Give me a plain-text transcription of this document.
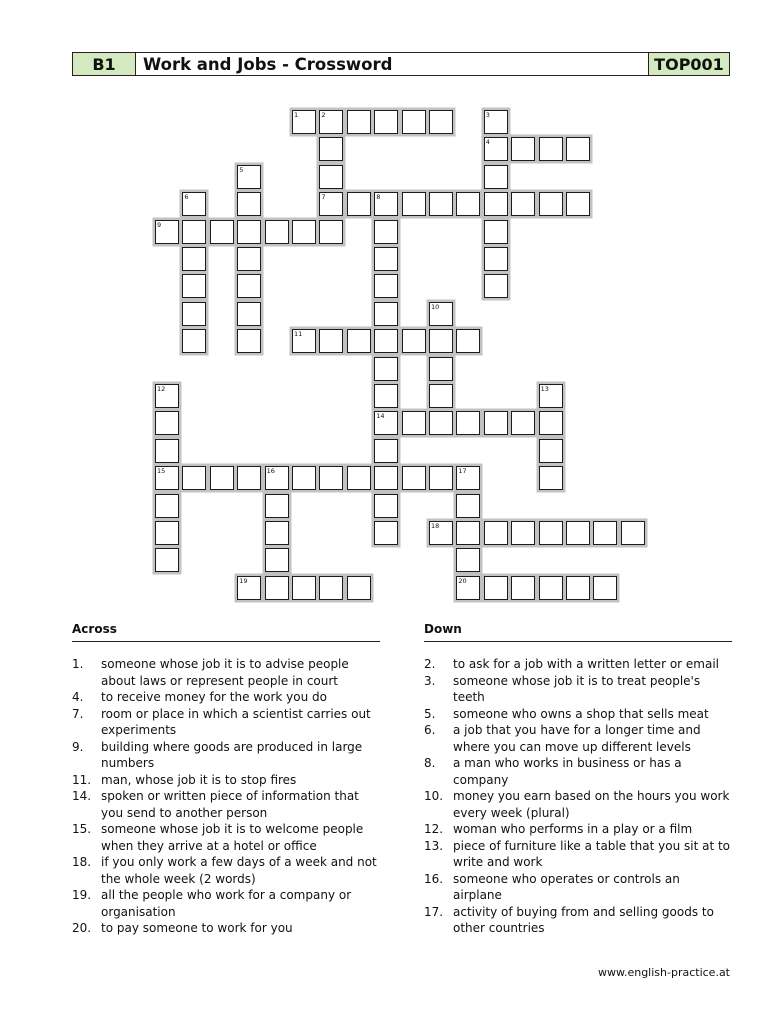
B1	Work and Jobs - Crossword	TOP001
1	2
4
7	8
9
11
14
15	16	17
18
19	20
3
5
6
10
12	13
Across
1.	someone whose job it is to advise people about laws or represent people in court
4.	to receive money for the work you do
7.	room or place in which a scientist carries out experiments
9.	building where goods are produced in large numbers
11. man, whose job it is to stop fires
14. spoken or written piece of information that you send to another person
15. someone whose job it is to welcome people when they arrive at a hotel or office
18. if you only work a few days of a week and not the whole week (2 words)
19. all the people who work for a company or organisation
20. to pay someone to work for you
Down
2.	to ask for a job with a written letter or email
3.	someone whose job it is to treat people's teeth
5.	someone who owns a shop that sells meat
6.	a job that you have for a longer time and where you can move up different levels
8.	a man who works in business or has a company
10. money you earn based on the hours you work every week (plural)
12. woman who performs in a play or a film
13. piece of furniture like a table that you sit at to write and work
16. someone who operates or controls an airplane
17. activity of buying from and selling goods to other countries
www.english-practice.at
